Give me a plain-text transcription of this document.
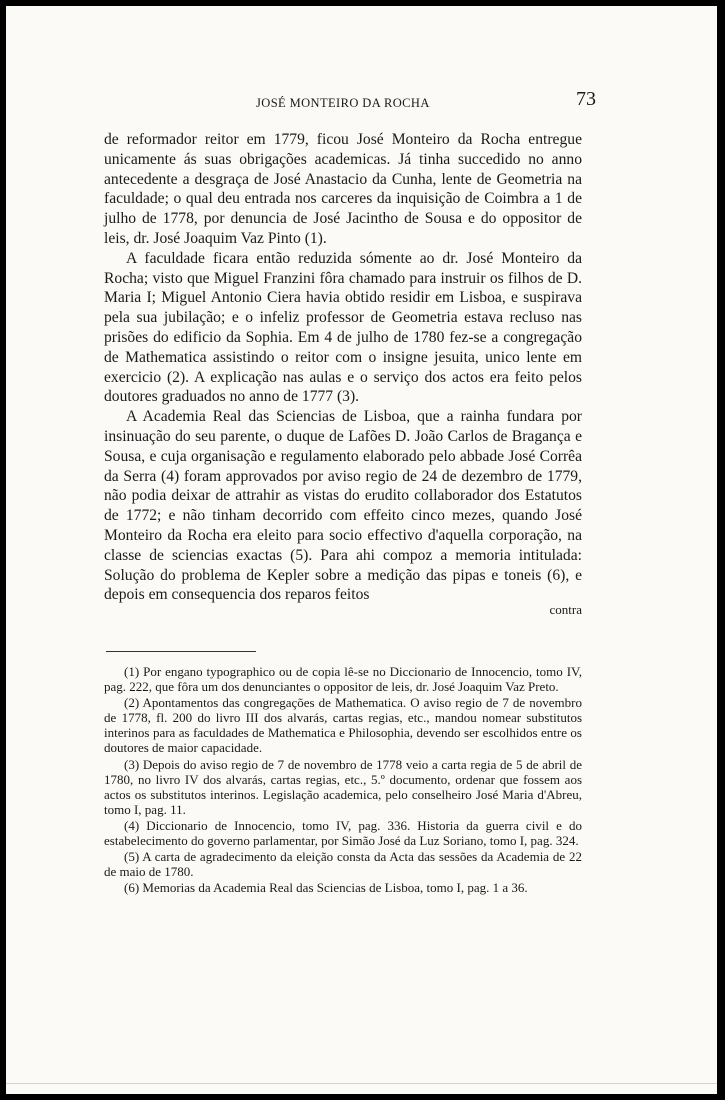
JOSÉ MONTEIRO DA ROCHA	73

de reformador reitor em 1779, ficou José Monteiro da Rocha entregue unicamente ás suas obrigações academicas. Já tinha succedido no anno antecedente a desgraça de José Anastacio da Cunha, lente de Geometria na faculdade; o qual deu entrada nos carceres da inquisição de Coimbra a 1 de julho de 1778, por denuncia de José Jacintho de Sousa e do oppositor de leis, dr. José Joaquim Vaz Pinto (1).

A faculdade ficara então reduzida sómente ao dr. José Monteiro da Rocha; visto que Miguel Franzini fôra chamado para instruir os filhos de D. Maria I; Miguel Antonio Ciera havia obtido residir em Lisboa, e suspirava pela sua jubilação; e o infeliz professor de Geometria estava recluso nas prisões do edificio da Sophia. Em 4 de julho de 1780 fez-se a congregação de Mathematica assistindo o reitor com o insigne jesuita, unico lente em exercicio (2). A explicação nas aulas e o serviço dos actos era feito pelos doutores graduados no anno de 1777 (3).

A Academia Real das Sciencias de Lisboa, que a rainha fundara por insinuação do seu parente, o duque de Lafões D. João Carlos de Bragança e Sousa, e cuja organisação e regulamento elaborado pelo abbade José Corrêa da Serra (4) foram approvados por aviso regio de 24 de dezembro de 1779, não podia deixar de attrahir as vistas do erudito collaborador dos Estatutos de 1772; e não tinham decorrido com effeito cinco mezes, quando José Monteiro da Rocha era eleito para socio effectivo d'aquella corporação, na classe de sciencias exactas (5). Para ahi compoz a memoria intitulada: Solução do problema de Kepler sobre a medição das pipas e toneis (6), e depois em consequencia dos reparos feitos

contra

(1) Por engano typographico ou de copia lê-se no Diccionario de Innocencio, tomo IV, pag. 222, que fôra um dos denunciantes o oppositor de leis, dr. José Joaquim Vaz Preto.

(2) Apontamentos das congregações de Mathematica. O aviso regio de 7 de novembro de 1778, fl. 200 do livro III dos alvarás, cartas regias, etc., mandou nomear substitutos interinos para as faculdades de Mathematica e Philosophia, devendo ser escolhidos entre os doutores de maior capacidade.

(3) Depois do aviso regio de 7 de novembro de 1778 veio a carta regia de 5 de abril de 1780, no livro IV dos alvarás, cartas regias, etc., 5.º documento, ordenar que fossem aos actos os substitutos interinos. Legislação academica, pelo conselheiro José Maria d'Abreu, tomo I, pag. 11.

(4) Diccionario de Innocencio, tomo IV, pag. 336. Historia da guerra civil e do estabelecimento do governo parlamentar, por Simão José da Luz Soriano, tomo I, pag. 324.

(5) A carta de agradecimento da eleição consta da Acta das sessões da Academia de 22 de maio de 1780.

(6) Memorias da Academia Real das Sciencias de Lisboa, tomo I, pag. 1 a 36.
